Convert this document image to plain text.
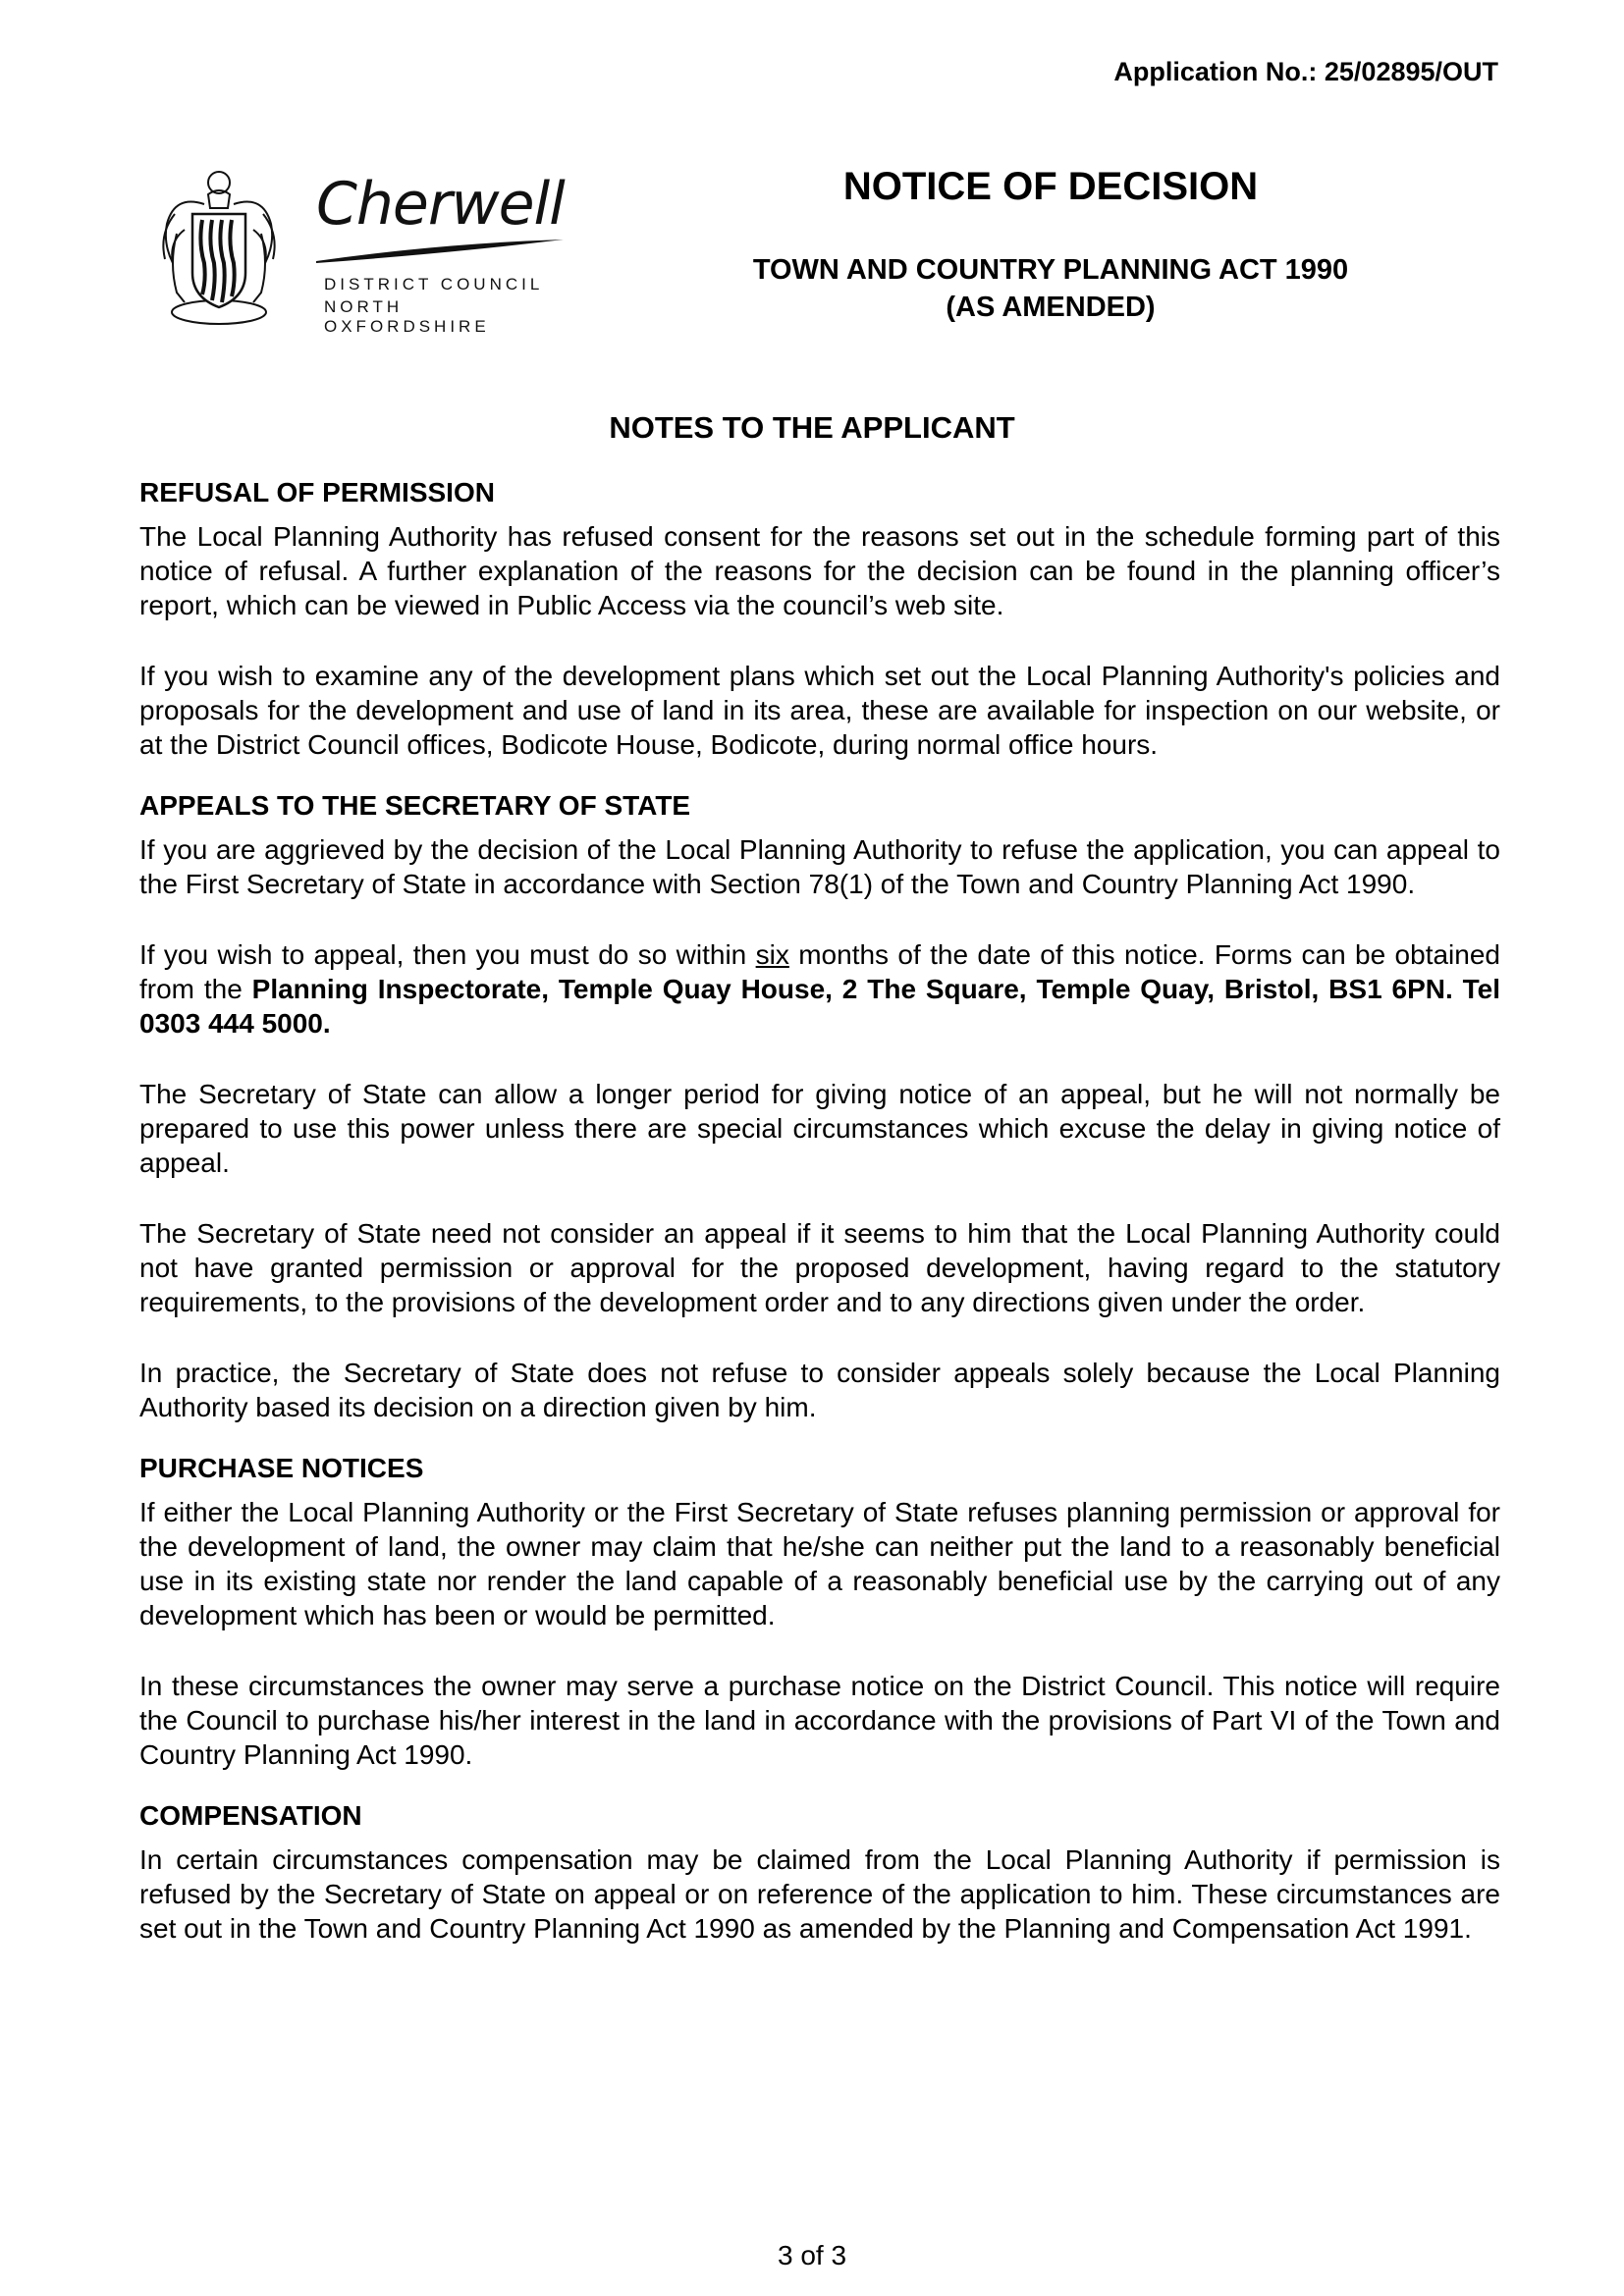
Application No.: 25/02895/OUT
Cherwell
DISTRICT COUNCIL
NORTH OXFORDSHIRE
NOTICE OF DECISION
TOWN AND COUNTRY PLANNING ACT 1990
(AS AMENDED)
NOTES TO THE APPLICANT
REFUSAL OF PERMISSION

The Local Planning Authority has refused consent for the reasons set out in the schedule forming part of this notice of refusal. A further explanation of the reasons for the decision can be found in the planning officer’s report, which can be viewed in Public Access via the council’s web site.

If you wish to examine any of the development plans which set out the Local Planning Authority's policies and proposals for the development and use of land in its area, these are available for inspection on our website, or at the District Council offices, Bodicote House, Bodicote, during normal office hours.

APPEALS TO THE SECRETARY OF STATE

If you are aggrieved by the decision of the Local Planning Authority to refuse the application, you can appeal to the First Secretary of State in accordance with Section 78(1) of the Town and Country Planning Act 1990.

If you wish to appeal, then you must do so within six months of the date of this notice. Forms can be obtained from the Planning Inspectorate, Temple Quay House, 2 The Square, Temple Quay, Bristol, BS1 6PN. Tel 0303 444 5000.

The Secretary of State can allow a longer period for giving notice of an appeal, but he will not normally be prepared to use this power unless there are special circumstances which excuse the delay in giving notice of appeal.

The Secretary of State need not consider an appeal if it seems to him that the Local Planning Authority could not have granted permission or approval for the proposed development, having regard to the statutory requirements, to the provisions of the development order and to any directions given under the order.

In practice, the Secretary of State does not refuse to consider appeals solely because the Local Planning Authority based its decision on a direction given by him.

PURCHASE NOTICES

If either the Local Planning Authority or the First Secretary of State refuses planning permission or approval for the development of land, the owner may claim that he/she can neither put the land to a reasonably beneficial use in its existing state nor render the land capable of a reasonably beneficial use by the carrying out of any development which has been or would be permitted.

In these circumstances the owner may serve a purchase notice on the District Council. This notice will require the Council to purchase his/her interest in the land in accordance with the provisions of Part VI of the Town and Country Planning Act 1990.

COMPENSATION

In certain circumstances compensation may be claimed from the Local Planning Authority if permission is refused by the Secretary of State on appeal or on reference of the application to him. These circumstances are set out in the Town and Country Planning Act 1990 as amended by the Planning and Compensation Act 1991.

3 of 3
